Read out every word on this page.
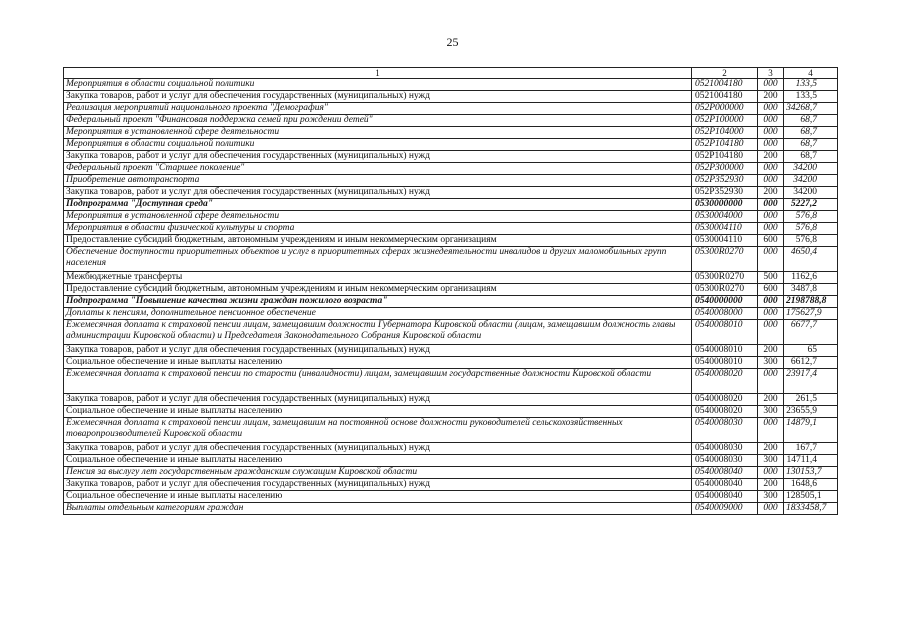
25
1	2	3	4
Мероприятия в области социальной политики	0521004180	000	133,5
Закупка товаров, работ и услуг для обеспечения государственных (муниципальных) нужд	0521004180	200	133,5
Реализация мероприятий национального проекта "Демография"	052P000000	000	34268,7
Федеральный проект "Финансовая поддержка семей при рождении детей"	052P100000	000	68,7
Мероприятия в установленной сфере деятельности	052P104000	000	68,7
Мероприятия в области социальной политики	052P104180	000	68,7
Закупка товаров, работ и услуг для обеспечения государственных (муниципальных) нужд	052P104180	200	68,7
Федеральный проект "Старшее поколение"	052P300000	000	34200
Приобретение автотранспорта	052P352930	000	34200
Закупка товаров, работ и услуг для обеспечения государственных (муниципальных) нужд	052P352930	200	34200
Подпрограмма "Доступная среда"	0530000000	000	5227,2
Мероприятия в установленной сфере деятельности	0530004000	000	576,8
Мероприятия в области физической культуры и спорта	0530004110	000	576,8
Предоставление субсидий бюджетным, автономным учреждениям и иным некоммерческим организациям	0530004110	600	576,8
Обеспечение доступности приоритетных объектов и услуг в приоритетных сферах жизнедеятельности инвалидов и других маломобильных групп населения	05300R0270	000	4650,4
Межбюджетные трансферты	05300R0270	500	1162,6
Предоставление субсидий бюджетным, автономным учреждениям и иным некоммерческим организациям	05300R0270	600	3487,8
Подпрограмма "Повышение качества жизни граждан пожилого возраста"	0540000000	000	2198788,8
Доплаты к пенсиям, дополнительное пенсионное обеспечение	0540008000	000	175627,9
Ежемесячная доплата к страховой пенсии лицам, замещавшим должности Губернатора Кировской области (лицам, замещавшим должность главы администрации Кировской области) и Председателя Законодательного Собрания Кировской области	0540008010	000	6677,7
Закупка товаров, работ и услуг для обеспечения государственных (муниципальных) нужд	0540008010	200	65
Социальное обеспечение и иные выплаты населению	0540008010	300	6612,7
Ежемесячная доплата к страховой пенсии по старости (инвалидности) лицам, замещавшим государственные должности Кировской области	0540008020	000	23917,4
Закупка товаров, работ и услуг для обеспечения государственных (муниципальных) нужд	0540008020	200	261,5
Социальное обеспечение и иные выплаты населению	0540008020	300	23655,9
Ежемесячная доплата к страховой пенсии лицам, замещавшим на постоянной основе должности руководителей сельскохозяйственных товаропроизводителей Кировской области	0540008030	000	14879,1
Закупка товаров, работ и услуг для обеспечения государственных (муниципальных) нужд	0540008030	200	167,7
Социальное обеспечение и иные выплаты населению	0540008030	300	14711,4
Пенсия за выслугу лет государственным гражданским служащим Кировской области	0540008040	000	130153,7
Закупка товаров, работ и услуг для обеспечения государственных (муниципальных) нужд	0540008040	200	1648,6
Социальное обеспечение и иные выплаты населению	0540008040	300	128505,1
Выплаты отдельным категориям граждан	0540009000	000	1833458,7
